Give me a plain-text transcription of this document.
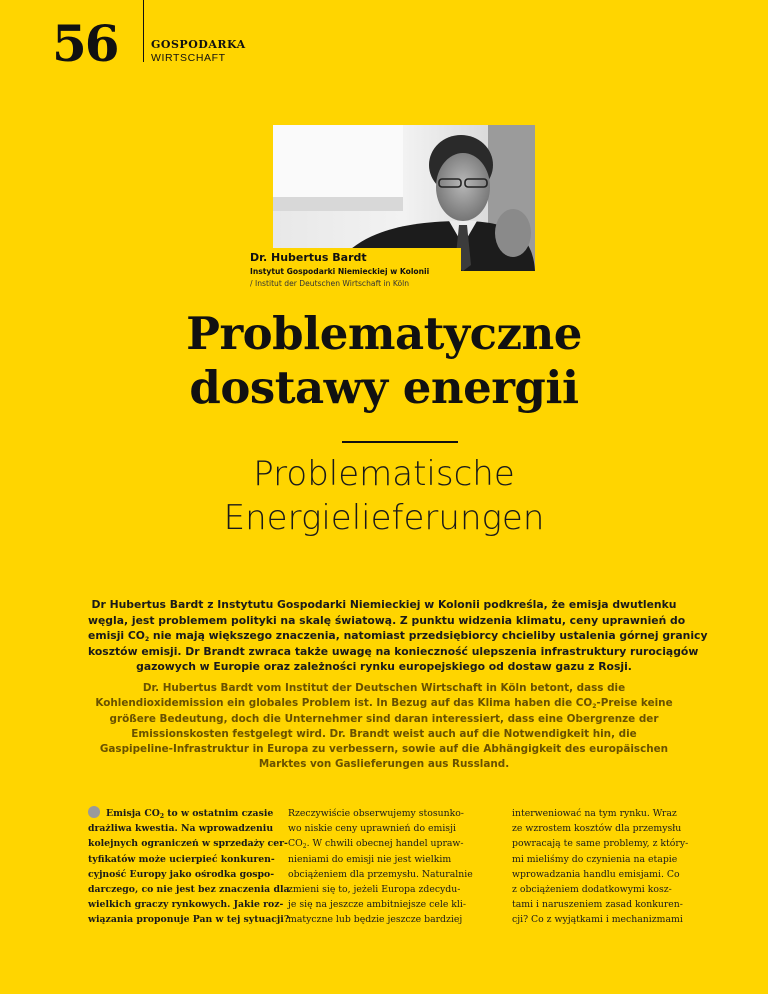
56	GOSPODARKA
WIRTSCHAFT
Dr. Hubertus Bardt
Instytut Gospodarki Niemieckiej w Kolonii
/ Institut der Deutschen Wirtschaft in Köln
Problematyczne
dostawy energii
Problematische
Energielieferungen
Dr Hubertus Bardt z Instytutu Gospodarki Niemieckiej w Kolonii podkreśla, że emisja dwutlenku
węgla, jest problemem polityki na skalę światową. Z punktu widzenia klimatu, ceny uprawnień do
emisji $CO_2$ nie mają większego znaczenia, natomiast przedsiębiorcy chcieliby ustalenia górnej granicy
kosztów emisji. Dr Brandt zwraca także uwagę na konieczność ulepszenia infrastruktury rurociągów
gazowych w Europie oraz zależności rynku europejskiego od dostaw gazu z Rosji.
Dr. Hubertus Bardt vom Institut der Deutschen Wirtschaft in Köln betont, dass die
Kohlendioxidemission ein globales Problem ist. In Bezug auf das Klima haben die $CO_2$-Preise keine
größere Bedeutung, doch die Unternehmer sind daran interessiert, dass eine Obergrenze der
Emissionskosten festgelegt wird. Dr. Brandt weist auch auf die Notwendigkeit hin, die
Gaspipeline-Infrastruktur in Europa zu verbessern, sowie auf die Abhängigkeit des europäischen
Marktes von Gaslieferungen aus Russland.
Emisja $CO_2$ to w ostatnim czasie
drażliwa kwestia. Na wprowadzeniu
kolejnych ograniczeń w sprzedaży cer-
tyfikatów może ucierpieć konkuren-
cyjność Europy jako ośrodka gospo-
darczego, co nie jest bez znaczenia dla
wielkich graczy rynkowych. Jakie roz-
wiązania proponuje Pan w tej sytuacji?
Rzeczywiście obserwujemy stosunko-
wo niskie ceny uprawnień do emisji
$CO_2$. W chwili obecnej handel upraw-
nieniami do emisji nie jest wielkim
obciążeniem dla przemysłu. Naturalnie
zmieni się to, jeżeli Europa zdecydu-
je się na jeszcze ambitniejsze cele kli-
matyczne lub będzie jeszcze bardziej
interweniować na tym rynku. Wraz
ze wzrostem kosztów dla przemysłu
powracają te same problemy, z który-
mi mieliśmy do czynienia na etapie
wprowadzania handlu emisjami. Co
z obciążeniem dodatkowymi kosz-
tami i naruszeniem zasad konkuren-
cji? Co z wyjątkami i mechanizmami
